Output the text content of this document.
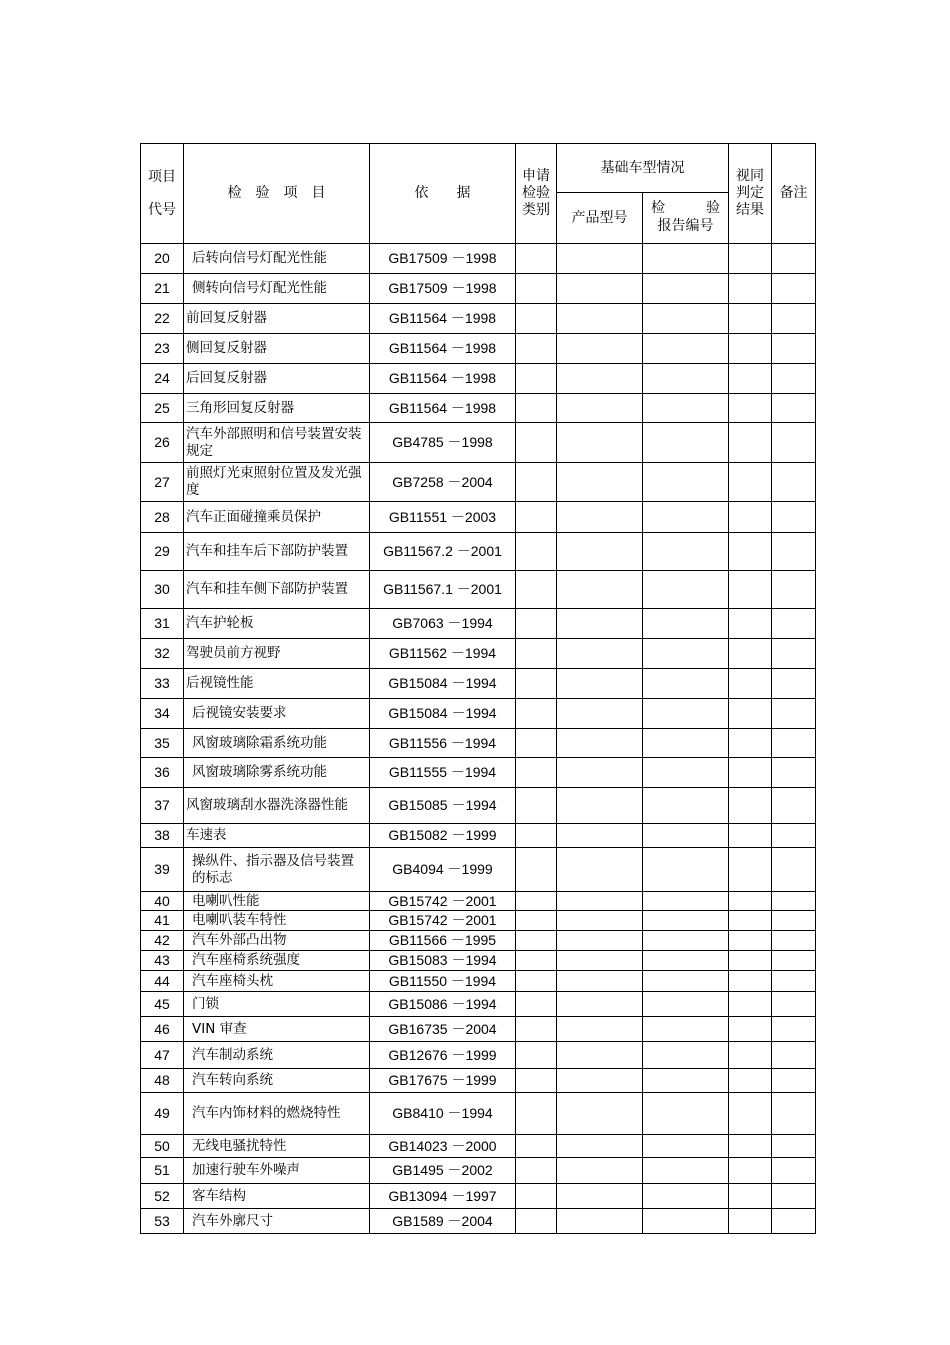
项目
代号	检　验　项　目	依　　据	申请检验类别	基础车型情况		视同判定结果	备注
				产品型号	检 验
报告编号		

20	后转向信号灯配光性能	GB17509 －1998					
21	侧转向信号灯配光性能	GB17509 －1998					
22	前回复反射器	GB11564 －1998					
23	侧回复反射器	GB11564 －1998					
24	后回复反射器	GB11564 －1998					
25	三角形回复反射器	GB11564 －1998					
26	汽车外部照明和信号装置安装规定	GB4785 －1998					
27	前照灯光束照射位置及发光强度	GB7258 －2004					
28	汽车正面碰撞乘员保护	GB11551 －2003					
29	汽车和挂车后下部防护装置	GB11567.2 －2001					
30	汽车和挂车侧下部防护装置	GB11567.1 －2001					
31	汽车护轮板	GB7063 －1994					
32	驾驶员前方视野	GB11562 －1994					
33	后视镜性能	GB15084 －1994					
34	后视镜安装要求	GB15084 －1994					
35	风窗玻璃除霜系统功能	GB11556 －1994					
36	风窗玻璃除雾系统功能	GB11555 －1994					
37	风窗玻璃刮水器洗涤器性能	GB15085 －1994					
38	车速表	GB15082 －1999					
39	操纵件、指示器及信号装置的标志	GB4094 －1999					
40	电喇叭性能	GB15742 －2001					
41	电喇叭装车特性	GB15742 －2001					
42	汽车外部凸出物	GB11566 －1995					
43	汽车座椅系统强度	GB15083 －1994					
44	汽车座椅头枕	GB11550 －1994					
45	门锁	GB15086 －1994					
46	VIN 审查	GB16735 －2004					
47	汽车制动系统	GB12676 －1999					
48	汽车转向系统	GB17675 －1999					
49	汽车内饰材料的燃烧特性	GB8410 －1994					
50	无线电骚扰特性	GB14023 －2000					
51	加速行驶车外噪声	GB1495 －2002					
52	客车结构	GB13094 －1997					
53	汽车外廓尺寸	GB1589 －2004					
